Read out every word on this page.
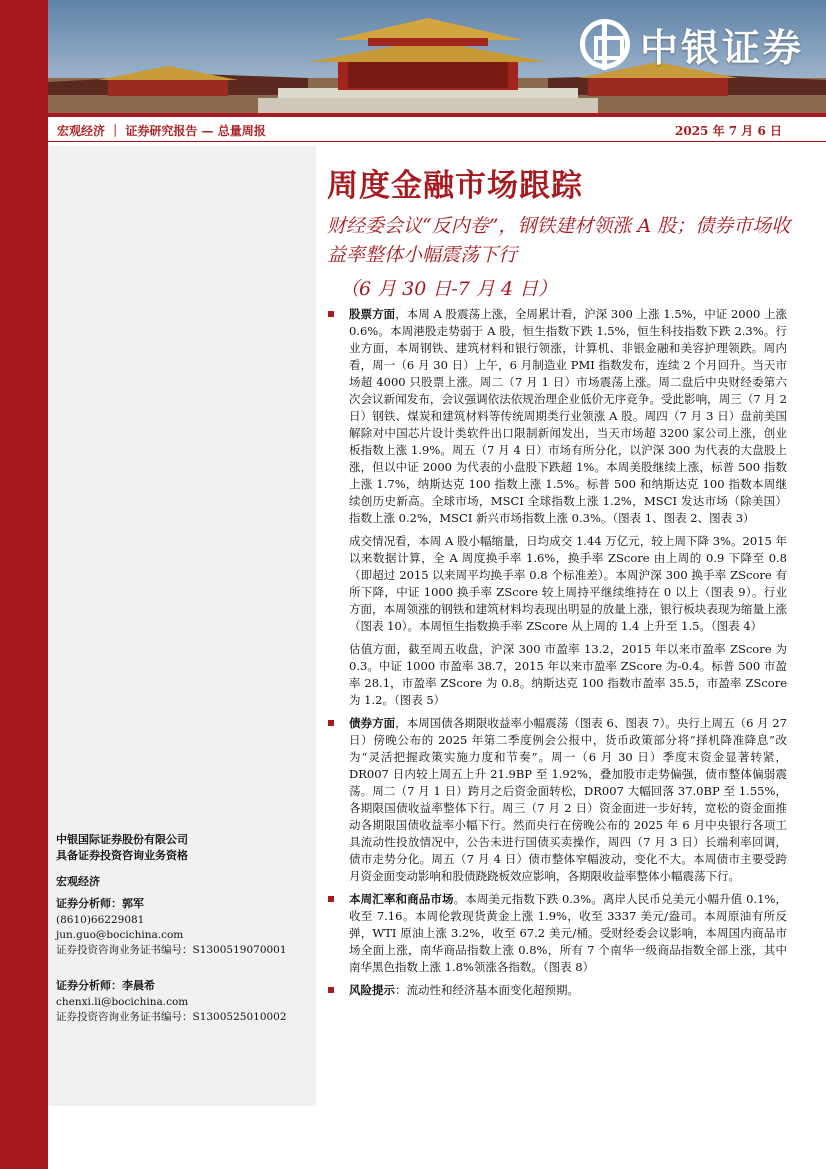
中银证券
宏观经济 ｜ 证券研究报告 — 总量周报	2025 年 7 月 6 日
周度金融市场跟踪
财经委会议“反内卷”，钢铁建材领涨 A 股；债券市场收益率整体小幅震荡下行
（6 月 30 日-7 月 4 日）

股票方面，本周 A 股震荡上涨，全周累计看，沪深 300 上涨 1.5%，中证 2000 上涨 0.6%。本周港股走势弱于 A 股，恒生指数下跌 1.5%，恒生科技指数下跌 2.3%。行业方面，本周钢铁、建筑材料和银行领涨，计算机、非银金融和美容护理领跌。周内看，周一（6 月 30 日）上午，6 月制造业 PMI 指数发布，连续 2 个月回升。当天市场超 4000 只股票上涨。周二（7 月 1 日）市场震荡上涨。周二盘后中央财经委第六次会议新闻发布，会议强调依法依规治理企业低价无序竞争。受此影响，周三（7 月 2 日）钢铁、煤炭和建筑材料等传统周期类行业领涨 A 股。周四（7 月 3 日）盘前美国解除对中国芯片设计类软件出口限制新闻发出，当天市场超 3200 家公司上涨，创业板指数上涨 1.9%。周五（7 月 4 日）市场有所分化，以沪深 300 为代表的大盘股上涨，但以中证 2000 为代表的小盘股下跌超 1%。本周美股继续上涨，标普 500 指数上涨 1.7%，纳斯达克 100 指数上涨 1.5%。标普 500 和纳斯达克 100 指数本周继续创历史新高。全球市场，MSCI 全球指数上涨 1.2%，MSCI 发达市场（除美国）指数上涨 0.2%，MSCI 新兴市场指数上涨 0.3%。（图表 1、图表 2、图表 3）

成交情况看，本周 A 股小幅缩量，日均成交 1.44 万亿元，较上周下降 3%。2015 年以来数据计算，全 A 周度换手率 1.6%，换手率 ZScore 由上周的 0.9 下降至 0.8（即超过 2015 以来周平均换手率 0.8 个标准差）。本周沪深 300 换手率 ZScore 有所下降，中证 1000 换手率 ZScore 较上周持平继续维持在 0 以上（图表 9）。行业方面，本周领涨的钢铁和建筑材料均表现出明显的放量上涨，银行板块表现为缩量上涨（图表 10）。本周恒生指数换手率 ZScore 从上周的 1.4 上升至 1.5。（图表 4）

估值方面，截至周五收盘，沪深 300 市盈率 13.2，2015 年以来市盈率 ZScore 为 0.3。中证 1000 市盈率 38.7，2015 年以来市盈率 ZScore 为-0.4。标普 500 市盈率 28.1，市盈率 ZScore 为 0.8。纳斯达克 100 指数市盈率 35.5，市盈率 ZScore 为 1.2。（图表 5）

债券方面，本周国债各期限收益率小幅震荡（图表 6、图表 7）。央行上周五（6 月 27 日）傍晚公布的 2025 年第二季度例会公报中，货币政策部分将“择机降准降息”改为“灵活把握政策实施力度和节奏”。周一（6 月 30 日）季度末资金显著转紧，DR007 日内较上周五上升 21.9BP 至 1.92%，叠加股市走势偏强，债市整体偏弱震荡。周二（7 月 1 日）跨月之后资金面转松，DR007 大幅回落 37.0BP 至 1.55%，各期限国债收益率整体下行。周三（7 月 2 日）资金面进一步好转，宽松的资金面推动各期限国债收益率小幅下行。然而央行在傍晚公布的 2025 年 6 月中央银行各项工具流动性投放情况中，公告未进行国债买卖操作，周四（7 月 3 日）长端利率回调，债市走势分化。周五（7 月 4 日）债市整体窄幅波动，变化不大。本周债市主要受跨月资金面变动影响和股债跷跷板效应影响，各期限收益率整体小幅震荡下行。

本周汇率和商品市场。本周美元指数下跌 0.3%。离岸人民币兑美元小幅升值 0.1%，收至 7.16。本周伦敦现货黄金上涨 1.9%，收至 3337 美元/盎司。本周原油有所反弹，WTI 原油上涨 3.2%，收至 67.2 美元/桶。受财经委会议影响，本周国内商品市场全面上涨，南华商品指数上涨 0.8%，所有 7 个南华一级商品指数全部上涨，其中南华黑色指数上涨 1.8%领涨各指数。（图表 8）

风险提示：流动性和经济基本面变化超预期。

中银国际证券股份有限公司
具备证券投资咨询业务资格
宏观经济
证券分析师：郭军
(8610)66229081
jun.guo@bocichina.com
证券投资咨询业务证书编号：S1300519070001
证券分析师：李晨希
chenxi.li@bocichina.com
证券投资咨询业务证书编号：S1300525010002
